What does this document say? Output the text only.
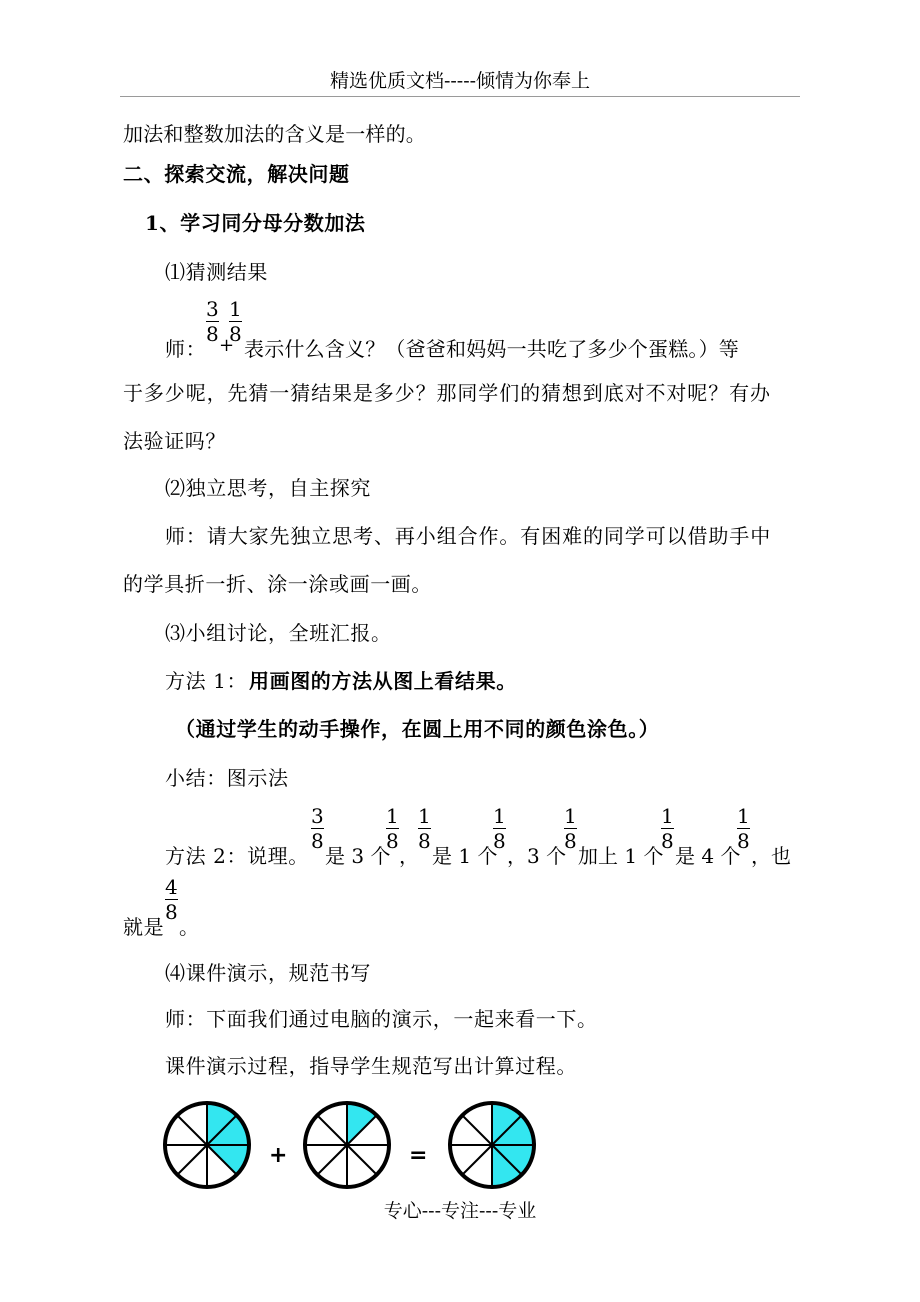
精选优质文档-----倾情为你奉上
加法和整数加法的含义是一样的。
二、探索交流，解决问题
1、学习同分母分数加法
⑴猜测结果
师：
3
8 +
1
8
表示什么含义？（爸爸和妈妈一共吃了多少个蛋糕。）等
于多少呢，先猜一猜结果是多少？那同学们的猜想到底对不对呢？有办
法验证吗？
⑵独立思考，自主探究
师：请大家先独立思考、再小组合作。有困难的同学可以借助手中
的学具折一折、涂一涂或画一画。
⑶小组讨论，全班汇报。
方法 1： 用画图的方法从图上看结果。
（通过学生的动手操作，在圆上用不同的颜色涂色。）
小结：图示法
方法 2：说理。
3
8
是 3 个
1
8
，
1
8
是 1 个
1
8
，3 个
1
8
加上 1 个
1
8
是 4 个
1
8
，也
就是
4
8
。
⑷课件演示，规范书写
师：下面我们通过电脑的演示，一起来看一下。
课件演示过程，指导学生规范写出计算过程。
+	=
专心---专注---专业
